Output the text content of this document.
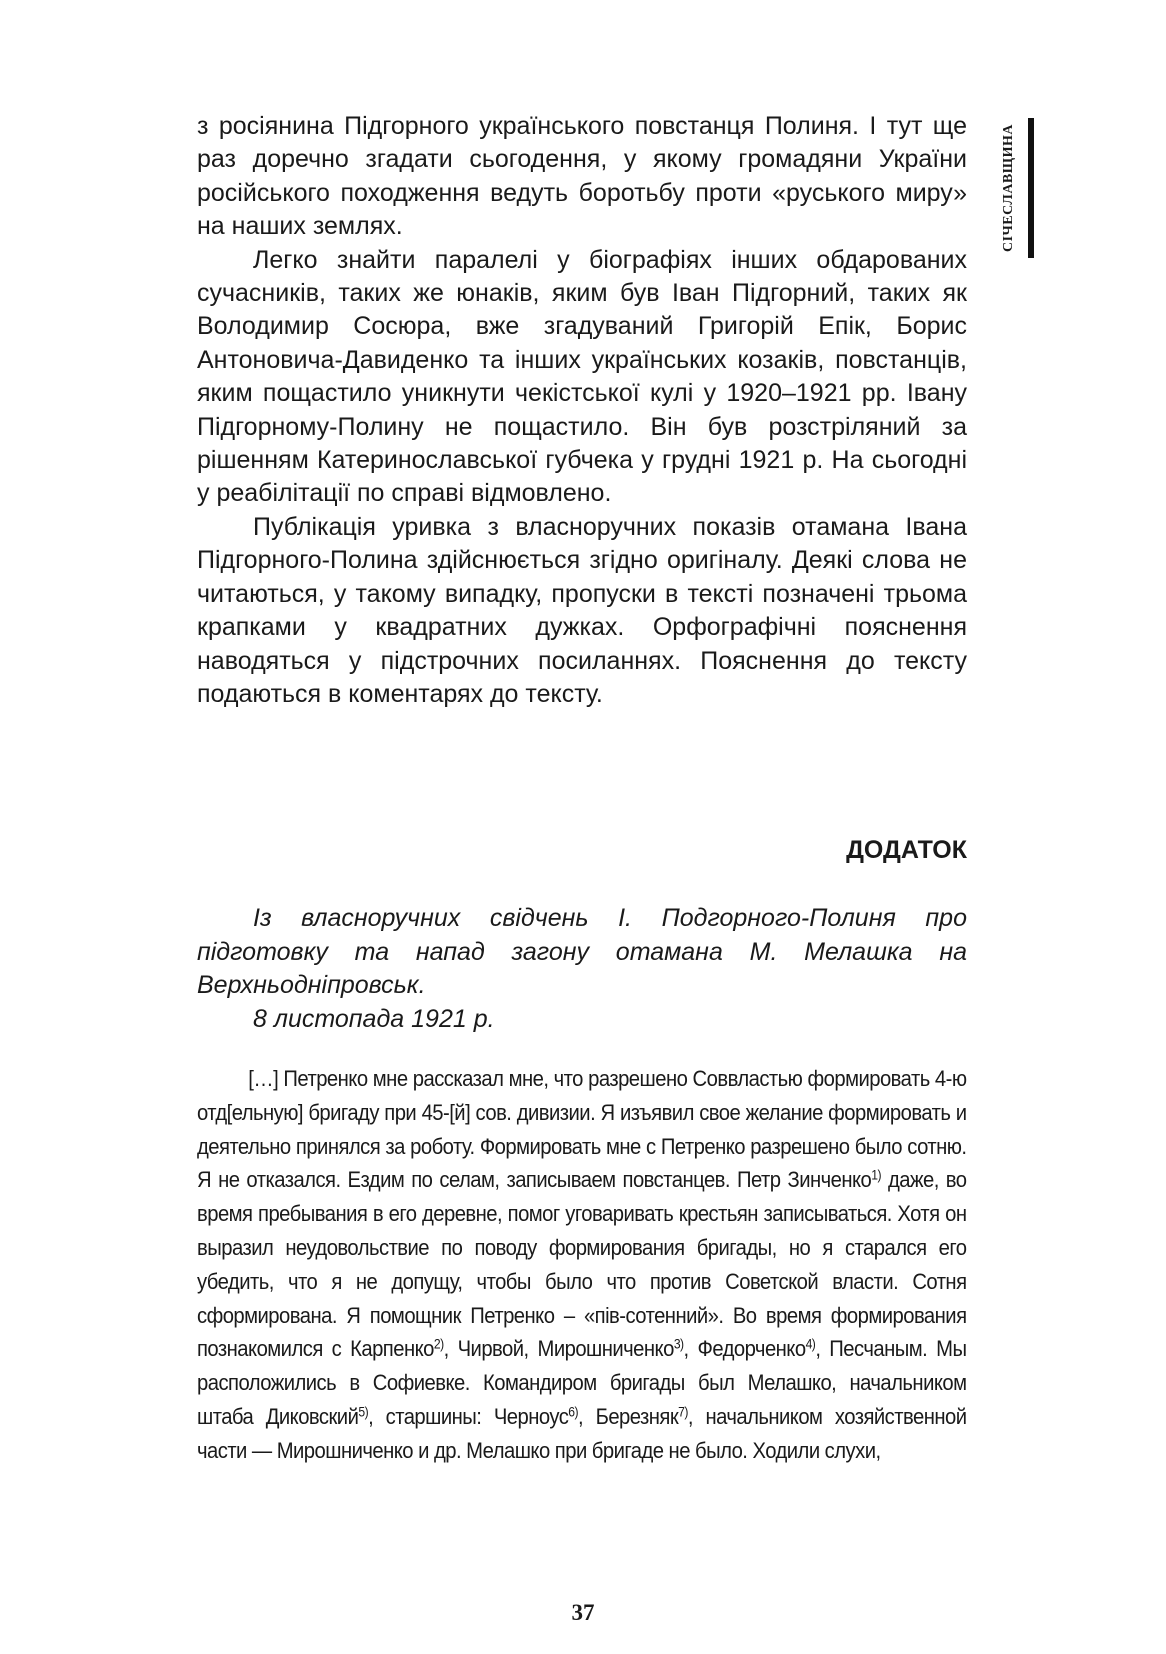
СІЧЕСЛАВЩИНА

з росіянина Підгорного українського повстанця Полиня. І тут ще раз доречно згадати сьогодення, у якому громадяни України російського походження ведуть боротьбу проти «руського миру» на наших землях.

Легко знайти паралелі у біографіях інших обдарованих сучасників, таких же юнаків, яким був Іван Підгорний, таких як Володимир Сосюра, вже згадуваний Григорій Епік, Борис Антоновича-Давиденко та інших українських козаків, повстанців, яким пощастило уникнути чекістської кулі у 1920–1921 рр. Івану Підгорному-Полину не пощастило. Він був розстріляний за рішенням Катеринославської губчека у грудні 1921 р. На сьогодні у реабілітації по справі відмовлено.

Публікація уривка з власноручних показів отамана Івана Підгорного-Полина здійснюється згідно оригіналу. Деякі слова не читаються, у такому випадку, пропуски в тексті позначені трьома крапками у квадратних дужках. Орфографічні пояснення наводяться у підстрочних посиланнях. Пояснення до тексту подаються в коментарях до тексту.

ДОДАТОК

Із власноручних свідчень І. Подгорного-Полиня про підготовку та напад загону отамана М. Мелашка на Верхньодніпровськ.

8 листопада 1921 р.

[…] Петренко мне рассказал мне, что разрешено Соввластью формировать 4-ю отд[ельную] бригаду при 45-[й] сов. дивизии. Я изъявил свое желание формировать и деятельно принялся за роботу. Формировать мне с Петренко разрешено было сотню. Я не отказался. Ездим по селам, записываем повстанцев. Петр Зинченко$^{1)}$ даже, во время пребывания в его деревне, помог уговаривать крестьян записываться. Хотя он выразил неудовольствие по поводу формирования бригады, но я старался его убедить, что я не допущу, чтобы было что против Советской власти. Сотня сформирована. Я помощник Петренко – «пів-сотенний». Во время формирования познакомился с Карпенко$^{2)}$, Чирвой, Мирошниченко$^{3)}$, Федорченко$^{4)}$, Песчаным. Мы расположились в Софиевке. Командиром бригады был Мелашко, начальником штаба Диковский$^{5)}$, старшины: Черноус$^{6)}$, Березняк$^{7)}$, начальником хозяйственной части — Мирошниченко и др. Мелашко при бригаде не было. Ходили слухи,

37
